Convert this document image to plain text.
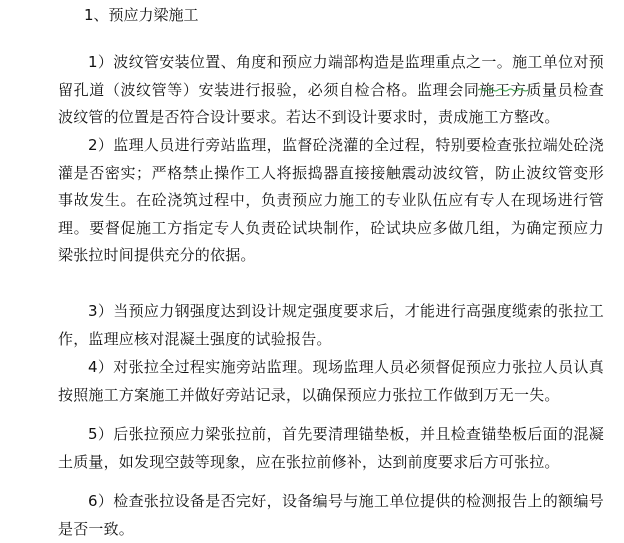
1、预应力梁施工

1）波纹管安装位置、角度和预应力端部构造是监理重点之一。施工单位对预留孔道（波纹管等）安装进行报验，必须自检合格。监理会同施工方质量员检查波纹管的位置是否符合设计要求。若达不到设计要求时，责成施工方整改。

2）监理人员进行旁站监理，监督砼浇灌的全过程，特别要检查张拉端处砼浇灌是否密实；严格禁止操作工人将振捣器直接接触震动波纹管，防止波纹管变形事故发生。在砼浇筑过程中，负责预应力施工的专业队伍应有专人在现场进行管理。要督促施工方指定专人负责砼试块制作，砼试块应多做几组，为确定预应力梁张拉时间提供充分的依据。

3）当预应力钢强度达到设计规定强度要求后，才能进行高强度缆索的张拉工作，监理应核对混凝土强度的试验报告。

4）对张拉全过程实施旁站监理。现场监理人员必须督促预应力张拉人员认真按照施工方案施工并做好旁站记录，以确保预应力张拉工作做到万无一失。

5）后张拉预应力梁张拉前，首先要清理锚垫板，并且检查锚垫板后面的混凝土质量，如发现空鼓等现象，应在张拉前修补，达到前度要求后方可张拉。

6）检查张拉设备是否完好，设备编号与施工单位提供的检测报告上的额编号是否一致。
